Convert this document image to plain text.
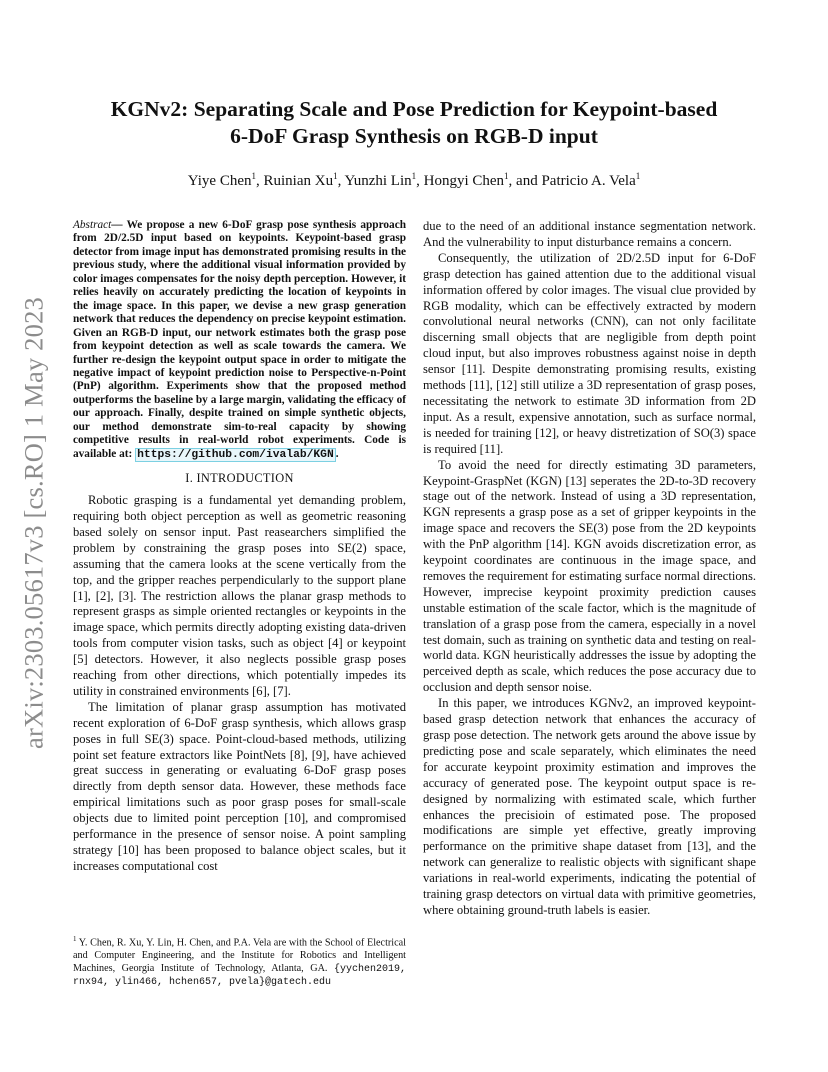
arXiv:2303.05617v3 [cs.RO] 1 May 2023
KGNv2: Separating Scale and Pose Prediction for Keypoint-based
6-DoF Grasp Synthesis on RGB-D input
Yiye Chen$^1$, Ruinian Xu$^1$, Yunzhi Lin$^1$, Hongyi Chen$^1$, and Patricio A. Vela$^1$
Abstract— We propose a new 6-DoF grasp pose synthesis approach from 2D/2.5D input based on keypoints. Keypoint-based grasp detector from image input has demonstrated promising results in the previous study, where the additional visual information provided by color images compensates for the noisy depth perception. However, it relies heavily on accurately predicting the location of keypoints in the image space. In this paper, we devise a new grasp generation network that reduces the dependency on precise keypoint estimation. Given an RGB-D input, our network estimates both the grasp pose from keypoint detection as well as scale towards the camera. We further re-design the keypoint output space in order to mitigate the negative impact of keypoint prediction noise to Perspective-n-Point (PnP) algorithm. Experiments show that the proposed method outperforms the baseline by a large margin, validating the efficacy of our approach. Finally, despite trained on simple synthetic objects, our method demonstrate sim-to-real capacity by showing competitive results in real-world robot experiments. Code is available at: https://github.com/ivalab/KGN .
I. INTRODUCTION

Robotic grasping is a fundamental yet demanding problem, requiring both object perception as well as geometric reasoning based solely on sensor input. Past reasearchers simplified the problem by constraining the grasp poses into SE(2) space, assuming that the camera looks at the scene vertically from the top, and the gripper reaches perpendicularly to the support plane [1], [2], [3]. The restriction allows the planar grasp methods to represent grasps as simple oriented rectangles or keypoints in the image space, which permits directly adopting existing data-driven tools from computer vision tasks, such as object [4] or keypoint [5] detectors. However, it also neglects possible grasp poses reaching from other directions, which potentially impedes its utility in constrained environments [6], [7].

The limitation of planar grasp assumption has motivated recent exploration of 6-DoF grasp synthesis, which allows grasp poses in full SE(3) space. Point-cloud-based methods, utilizing point set feature extractors like PointNets [8], [9], have achieved great success in generating or evaluating 6-DoF grasp poses directly from depth sensor data. However, these methods face empirical limitations such as poor grasp poses for small-scale objects due to limited point perception [10], and compromised performance in the presence of sensor noise. A point sampling strategy [10] has been proposed to balance object scales, but it increases computational cost

$^1$ Y. Chen, R. Xu, Y. Lin, H. Chen, and P.A. Vela are with the School of Electrical and Computer Engineering, and the Institute for Robotics and Intelligent Machines, Georgia Institute of Technology, Atlanta, GA. {yychen2019, rnx94, ylin466, hchen657, pvela}@gatech.edu

due to the need of an additional instance segmentation network. And the vulnerability to input disturbance remains a concern.

Consequently, the utilization of 2D/2.5D input for 6-DoF grasp detection has gained attention due to the additional visual information offered by color images. The visual clue provided by RGB modality, which can be effectively extracted by modern convolutional neural networks (CNN), can not only facilitate discerning small objects that are negligible from depth point cloud input, but also improves robustness against noise in depth sensor [11]. Despite demonstrating promising results, existing methods [11], [12] still utilize a 3D representation of grasp poses, necessitating the network to estimate 3D information from 2D input. As a result, expensive annotation, such as surface normal, is needed for training [12], or heavy distretization of SO(3) space is required [11].

To avoid the need for directly estimating 3D parameters, Keypoint-GraspNet (KGN) [13] seperates the 2D-to-3D recovery stage out of the network. Instead of using a 3D representation, KGN represents a grasp pose as a set of gripper keypoints in the image space and recovers the SE(3) pose from the 2D keypoints with the PnP algorithm [14]. KGN avoids discretization error, as keypoint coordinates are continuous in the image space, and removes the requirement for estimating surface normal directions. However, imprecise keypoint proximity prediction causes unstable estimation of the scale factor, which is the magnitude of translation of a grasp pose from the camera, especially in a novel test domain, such as training on synthetic data and testing on real-world data. KGN heuristically addresses the issue by adopting the perceived depth as scale, which reduces the pose accuracy due to occlusion and depth sensor noise.

In this paper, we introduces KGNv2, an improved keypoint-based grasp detection network that enhances the accuracy of grasp pose detection. The network gets around the above issue by predicting pose and scale separately, which eliminates the need for accurate keypoint proximity estimation and improves the accuracy of generated pose. The keypoint output space is re-designed by normalizing with estimated scale, which further enhances the precisioin of estimated pose. The proposed modifications are simple yet effective, greatly improving performance on the primitive shape dataset from [13], and the network can generalize to realistic objects with significant shape variations in real-world experiments, indicating the potential of training grasp detectors on virtual data with primitive geometries, where obtaining ground-truth labels is easier.
